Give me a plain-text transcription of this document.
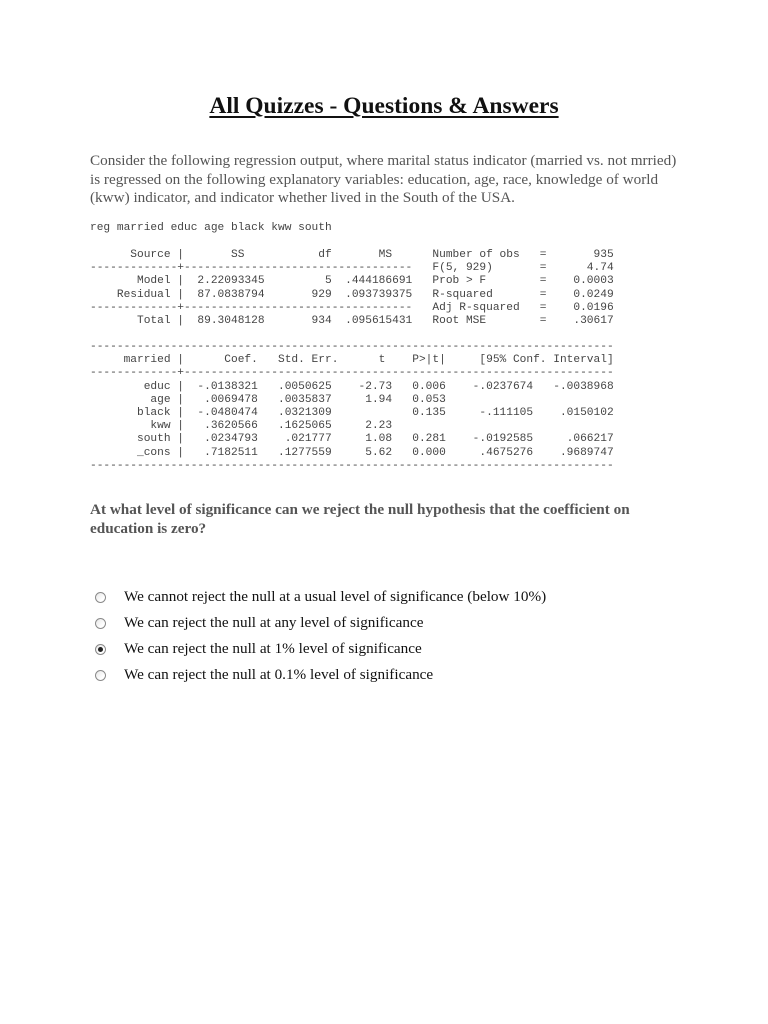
All Quizzes - Questions & Answers

Consider the following regression output, where marital status indicator (married vs. not mrried) is regressed on the following explanatory variables: education, age, race, knowledge of world (kww) indicator, and indicator whether lived in the South of the USA.

reg married educ age black kww south
Source |       SS           df       MS      Number of obs   =       935
-------------+----------------------------------   F(5, 929)       =      4.74
Model |  2.22093345         5  .444186691   Prob > F        =    0.0003
Residual |  87.0838794       929  .093739375   R-squared       =    0.0249
-------------+----------------------------------   Adj R-squared   =    0.0196
Total |  89.3048128       934  .095615431   Root MSE        =    .30617
------------------------------------------------------------------------------
married |      Coef.   Std. Err.      t    P>|t|     [95% Conf. Interval]
-------------+----------------------------------------------------------------
educ |  -.0138321   .0050625    -2.73   0.006    -.0237674   -.0038968
age |   .0069478   .0035837     1.94   0.053
black |  -.0480474   .0321309            0.135     -.111105    .0150102
kww |   .3620566   .1625065     2.23
south |   .0234793    .021777     1.08   0.281    -.0192585     .066217
_cons |   .7182511   .1277559     5.62   0.000     .4675276    .9689747
------------------------------------------------------------------------------

At what level of significance can we reject the null hypothesis that the coefficient on education is zero?

We cannot reject the null at a usual level of significance (below 10%)
We can reject the null at any level of significance
We can reject the null at 1% level of significance
We can reject the null at 0.1% level of significance
